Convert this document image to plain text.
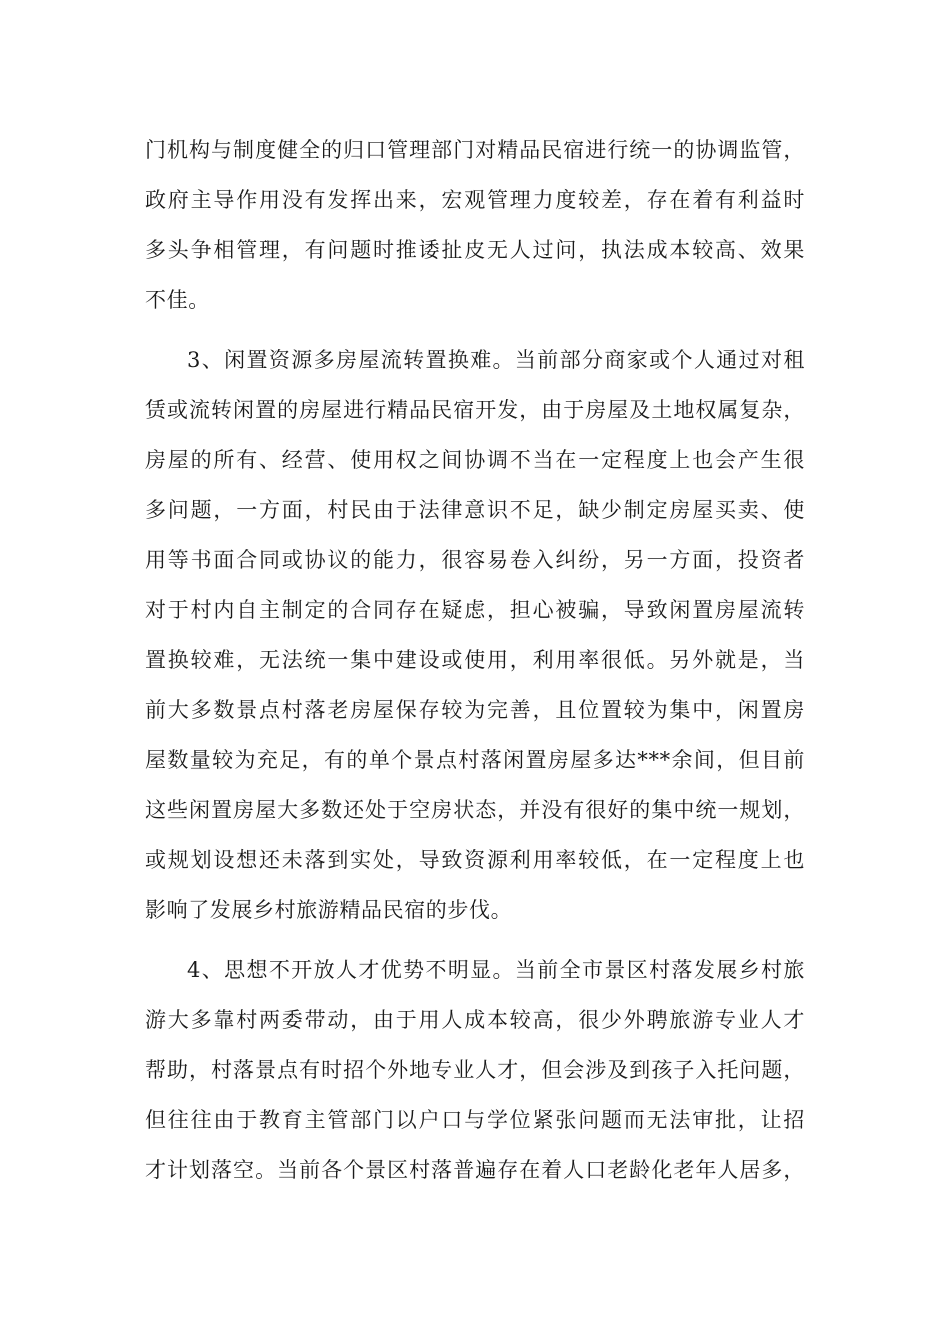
门机构与制度健全的归口管理部门对精品民宿进行统一的协调监管，
政府主导作用没有发挥出来，宏观管理力度较差，存在着有利益时
多头争相管理，有问题时推诿扯皮无人过问，执法成本较高、效果
不佳。
3、闲置资源多房屋流转置换难。当前部分商家或个人通过对租
赁或流转闲置的房屋进行精品民宿开发，由于房屋及土地权属复杂，
房屋的所有、经营、使用权之间协调不当在一定程度上也会产生很
多问题，一方面，村民由于法律意识不足，缺少制定房屋买卖、使
用等书面合同或协议的能力，很容易卷入纠纷，另一方面，投资者
对于村内自主制定的合同存在疑虑，担心被骗，导致闲置房屋流转
置换较难，无法统一集中建设或使用，利用率很低。另外就是，当
前大多数景点村落老房屋保存较为完善，且位置较为集中，闲置房
屋数量较为充足，有的单个景点村落闲置房屋多达***余间，但目前
这些闲置房屋大多数还处于空房状态，并没有很好的集中统一规划，
或规划设想还未落到实处，导致资源利用率较低，在一定程度上也
影响了发展乡村旅游精品民宿的步伐。
4、思想不开放人才优势不明显。当前全市景区村落发展乡村旅
游大多靠村两委带动，由于用人成本较高，很少外聘旅游专业人才
帮助，村落景点有时招个外地专业人才，但会涉及到孩子入托问题，
但往往由于教育主管部门以户口与学位紧张问题而无法审批，让招
才计划落空。当前各个景区村落普遍存在着人口老龄化老年人居多，
